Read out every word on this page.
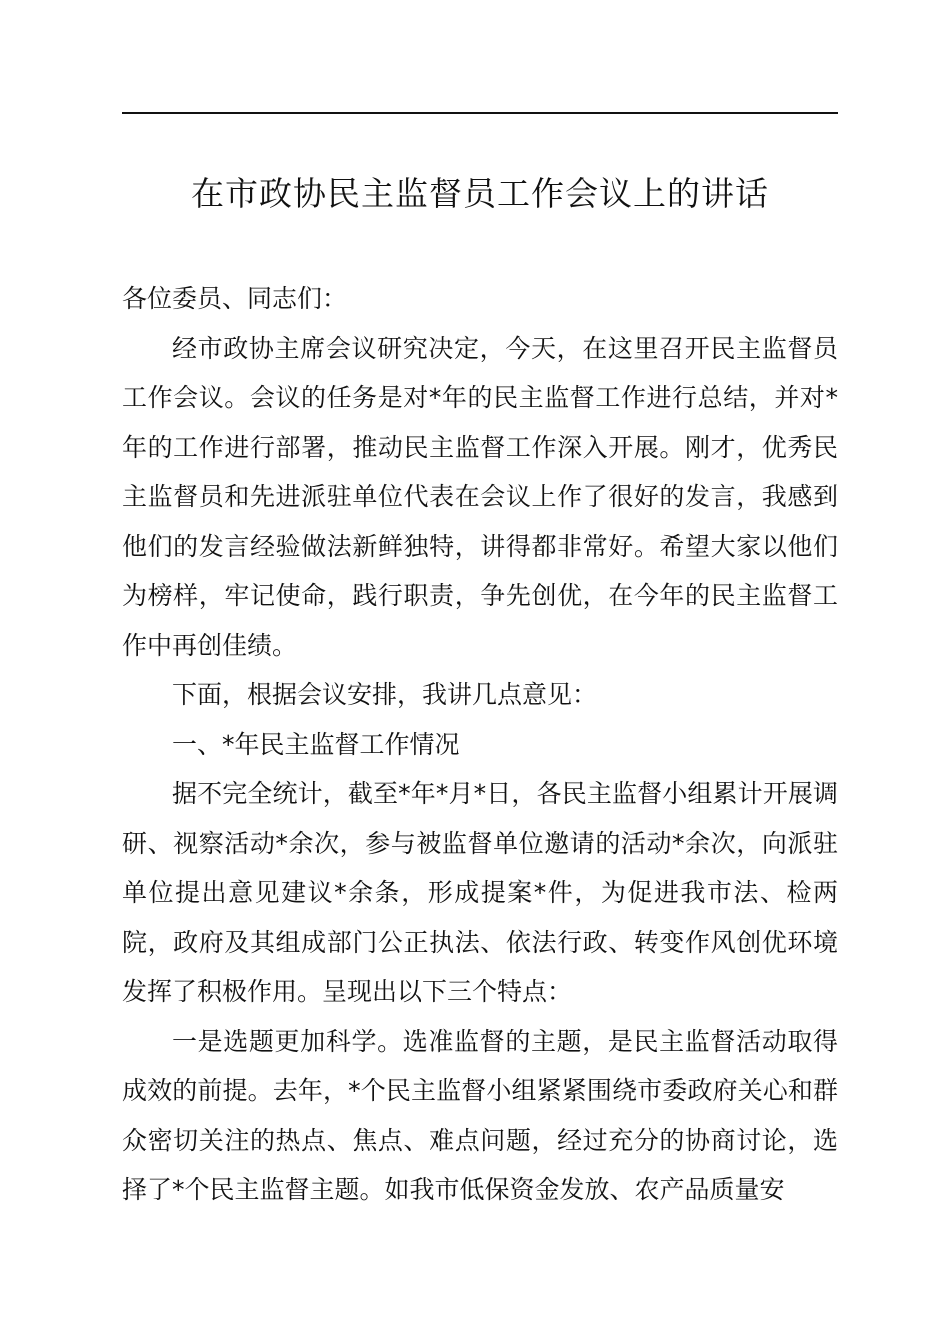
在市政协民主监督员工作会议上的讲话

各位委员、同志们：

经市政协主席会议研究决定，今天，在这里召开民主监督员工作会议。会议的任务是对*年的民主监督工作进行总结，并对*年的工作进行部署，推动民主监督工作深入开展。刚才，优秀民主监督员和先进派驻单位代表在会议上作了很好的发言，我感到他们的发言经验做法新鲜独特，讲得都非常好。希望大家以他们为榜样，牢记使命，践行职责，争先创优，在今年的民主监督工作中再创佳绩。

下面，根据会议安排，我讲几点意见：

一、*年民主监督工作情况

据不完全统计，截至*年*月*日，各民主监督小组累计开展调研、视察活动*余次，参与被监督单位邀请的活动*余次，向派驻单位提出意见建议*余条，形成提案*件，为促进我市法、检两院，政府及其组成部门公正执法、依法行政、转变作风创优环境发挥了积极作用。呈现出以下三个特点：

一是选题更加科学。选准监督的主题，是民主监督活动取得成效的前提。去年，*个民主监督小组紧紧围绕市委政府关心和群众密切关注的热点、焦点、难点问题，经过充分的协商讨论，选择了*个民主监督主题。如我市低保资金发放、农产品质量安
